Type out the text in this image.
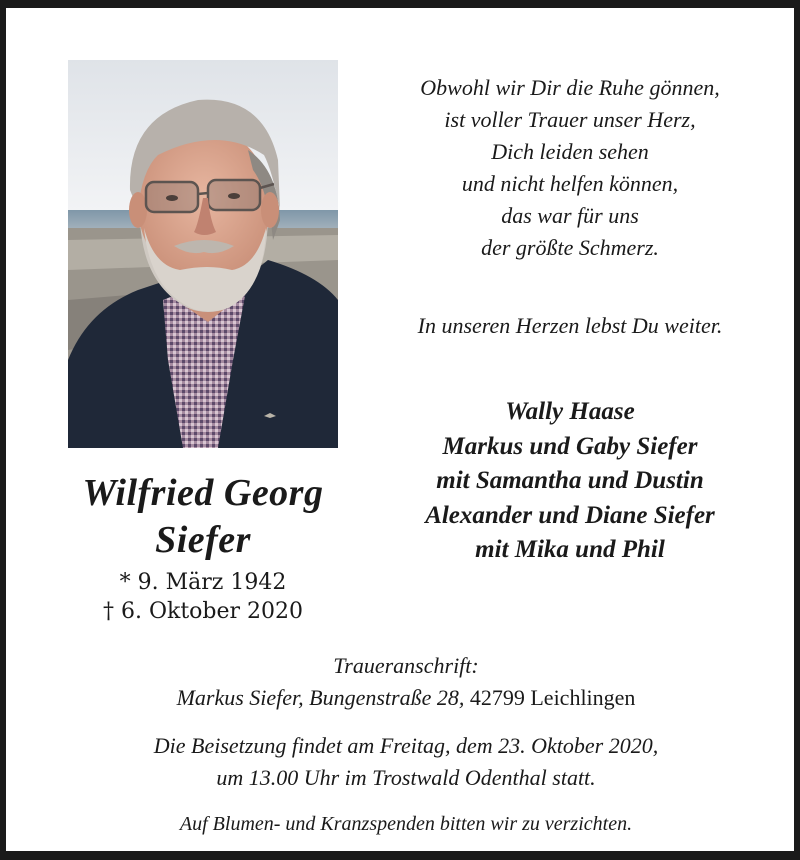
Wilfried Georg
Siefer
* 9. März 1942
† 6. Oktober 2020
Obwohl wir Dir die Ruhe gönnen,
ist voller Trauer unser Herz,
Dich leiden sehen
und nicht helfen können,
das war für uns
der größte Schmerz.
In unseren Herzen lebst Du weiter.
Wally Haase
Markus und Gaby Siefer
mit Samantha und Dustin
Alexander und Diane Siefer
mit Mika und Phil
Traueranschrift:
Markus Siefer, Bungenstraße 28, 42799 Leichlingen
Die Beisetzung findet am Freitag, dem 23. Oktober 2020,
um 13.00 Uhr im Trostwald Odenthal statt.
Auf Blumen- und Kranzspenden bitten wir zu verzichten.
